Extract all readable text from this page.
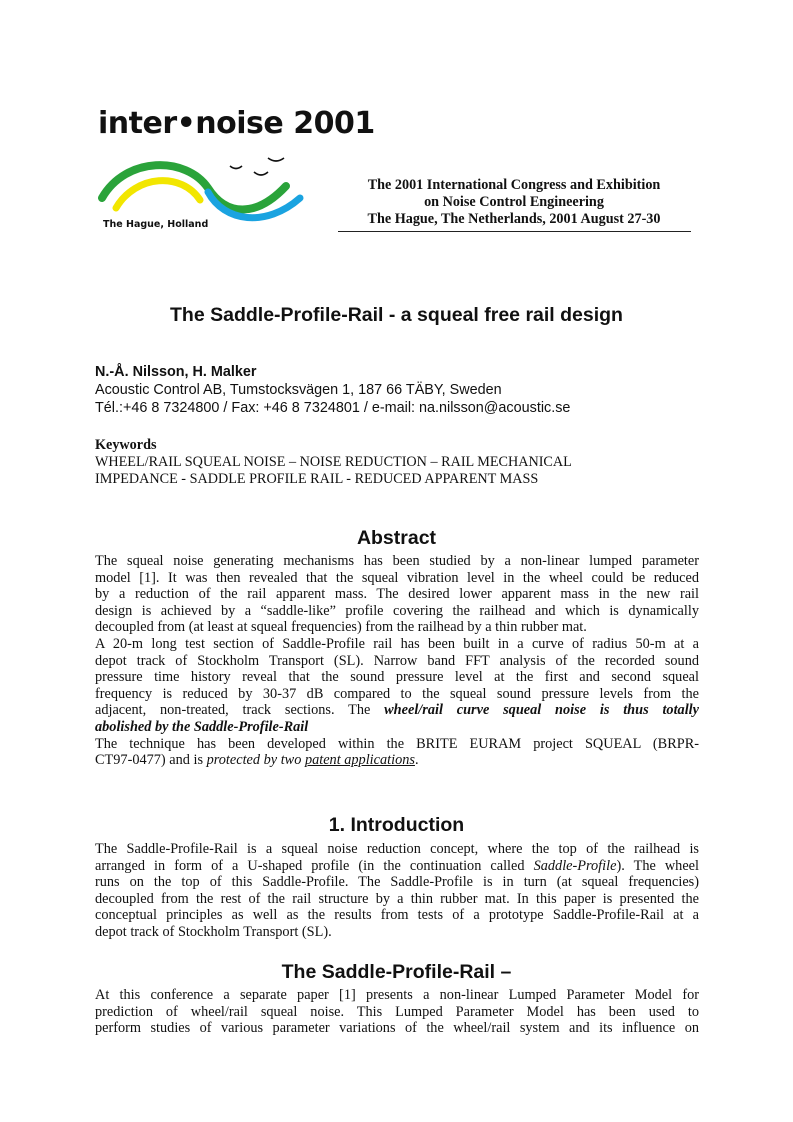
inter•noise 2001
The Hague, Holland
The 2001 International Congress and Exhibition
on Noise Control Engineering
The Hague, The Netherlands, 2001 August 27-30
The Saddle-Profile-Rail - a squeal free rail design
N.-Å. Nilsson, H. Malker
Acoustic Control AB, Tumstocksvägen 1, 187 66 TÄBY, Sweden
Tél.:+46 8 7324800 / Fax: +46 8 7324801 / e-mail: na.nilsson@acoustic.se
Keywords
WHEEL/RAIL SQUEAL NOISE – NOISE REDUCTION – RAIL MECHANICAL
IMPEDANCE - SADDLE PROFILE RAIL - REDUCED APPARENT MASS
Abstract
The squeal noise generating mechanisms has been studied by a non-linear lumped parameter
model [1]. It was then revealed that the squeal vibration level in the wheel could be reduced
by a reduction of the rail apparent mass. The desired lower apparent mass in the new rail
design is achieved by a “saddle-like” profile covering the railhead and which is dynamically
decoupled from (at least at squeal frequencies) from the railhead by a thin rubber mat.
A 20-m long test section of Saddle-Profile rail has been built in a curve of radius 50-m at a
depot track of Stockholm Transport (SL). Narrow band FFT analysis of the recorded sound
pressure time history reveal that the sound pressure level at the first and second squeal
frequency is reduced by 30-37 dB compared to the squeal sound pressure levels from the
adjacent, non-treated, track sections. The wheel/rail curve squeal noise is thus totally
abolished by the Saddle-Profile-Rail
The technique has been developed within the BRITE EURAM project SQUEAL (BRPR-
CT97-0477) and is protected by two patent applications.
1. Introduction
The Saddle-Profile-Rail is a squeal noise reduction concept, where the top of the railhead is
arranged in form of a U-shaped profile (in the continuation called Saddle-Profile). The wheel
runs on the top of this Saddle-Profile. The Saddle-Profile is in turn (at squeal frequencies)
decoupled from the rest of the rail structure by a thin rubber mat. In this paper is presented the
conceptual principles as well as the results from tests of a prototype Saddle-Profile-Rail at a
depot track of Stockholm Transport (SL).
The Saddle-Profile-Rail –
At this conference a separate paper [1] presents a non-linear Lumped Parameter Model for
prediction of wheel/rail squeal noise. This Lumped Parameter Model has been used to
perform studies of various parameter variations of the wheel/rail system and its influence on
